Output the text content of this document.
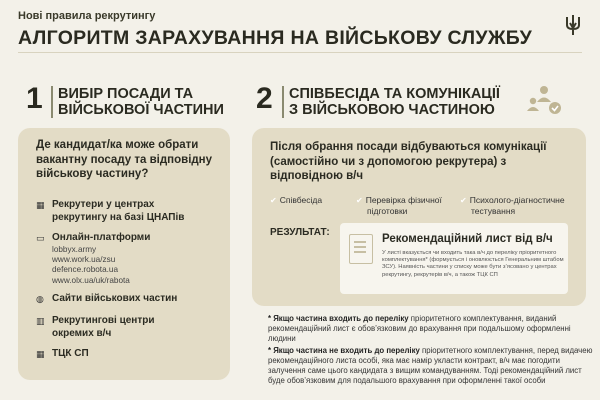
Нові правила рекрутингу
АЛГОРИТМ ЗАРАХУВАННЯ НА ВІЙСЬКОВУ СЛУЖБУ
1 ВИБІР ПОСАДИ ТА
ВІЙСЬКОВОЇ ЧАСТИНИ 2 СПІВБЕСІДА ТА КОМУНІКАЦІЇ
З ВІЙСЬКОВОЮ ЧАСТИНОЮ
Де кандидат/ка може обрати вакантну посаду та відповідну військову частину?
▦ Рекрутери у центрах
рекрутингу на базі ЦНАПів
▭ Онлайн-платформи
lobbyx.army
www.work.ua/zsu
defence.robota.ua
www.olx.ua/uk/rabota
◍ Сайти військових частин
▥ Рекрутингові центри
окремих в/ч
▦ ТЦК СП
Після обрання посади відбуваються комунікації (самостійно чи з допомогою рекрутера) з відповідною в/ч
✔ Співбесіда	✔ Перевірка фізичної
підготовки
✔ Психолого-діагностичне
тестування
РЕЗУЛЬТАТ:
Рекомендаційний лист від в/ч
У листі вказується чи входить така в/ч до переліку пріоритетного комплектування* (формується і оновлюється Генеральним штабом ЗСУ). Наявність частини у списку може бути з’ясовано у центрах рекрутингу, рекрутерів в/ч, а також ТЦК СП
* Якщо частина входить до переліку пріоритетного комплектування, виданий рекомендаційний лист є обов’язковим до врахування при подальшому оформленні людини
* Якщо частина не входить до переліку пріоритетного комплектування, перед видачею рекомендаційного листа особі, яка має намір укласти контракт, в/ч має погодити залучення саме цього кандидата з вищим командуванням. Тоді рекомендаційний лист буде обов’язковим для подальшого врахування при оформленні такої особи
